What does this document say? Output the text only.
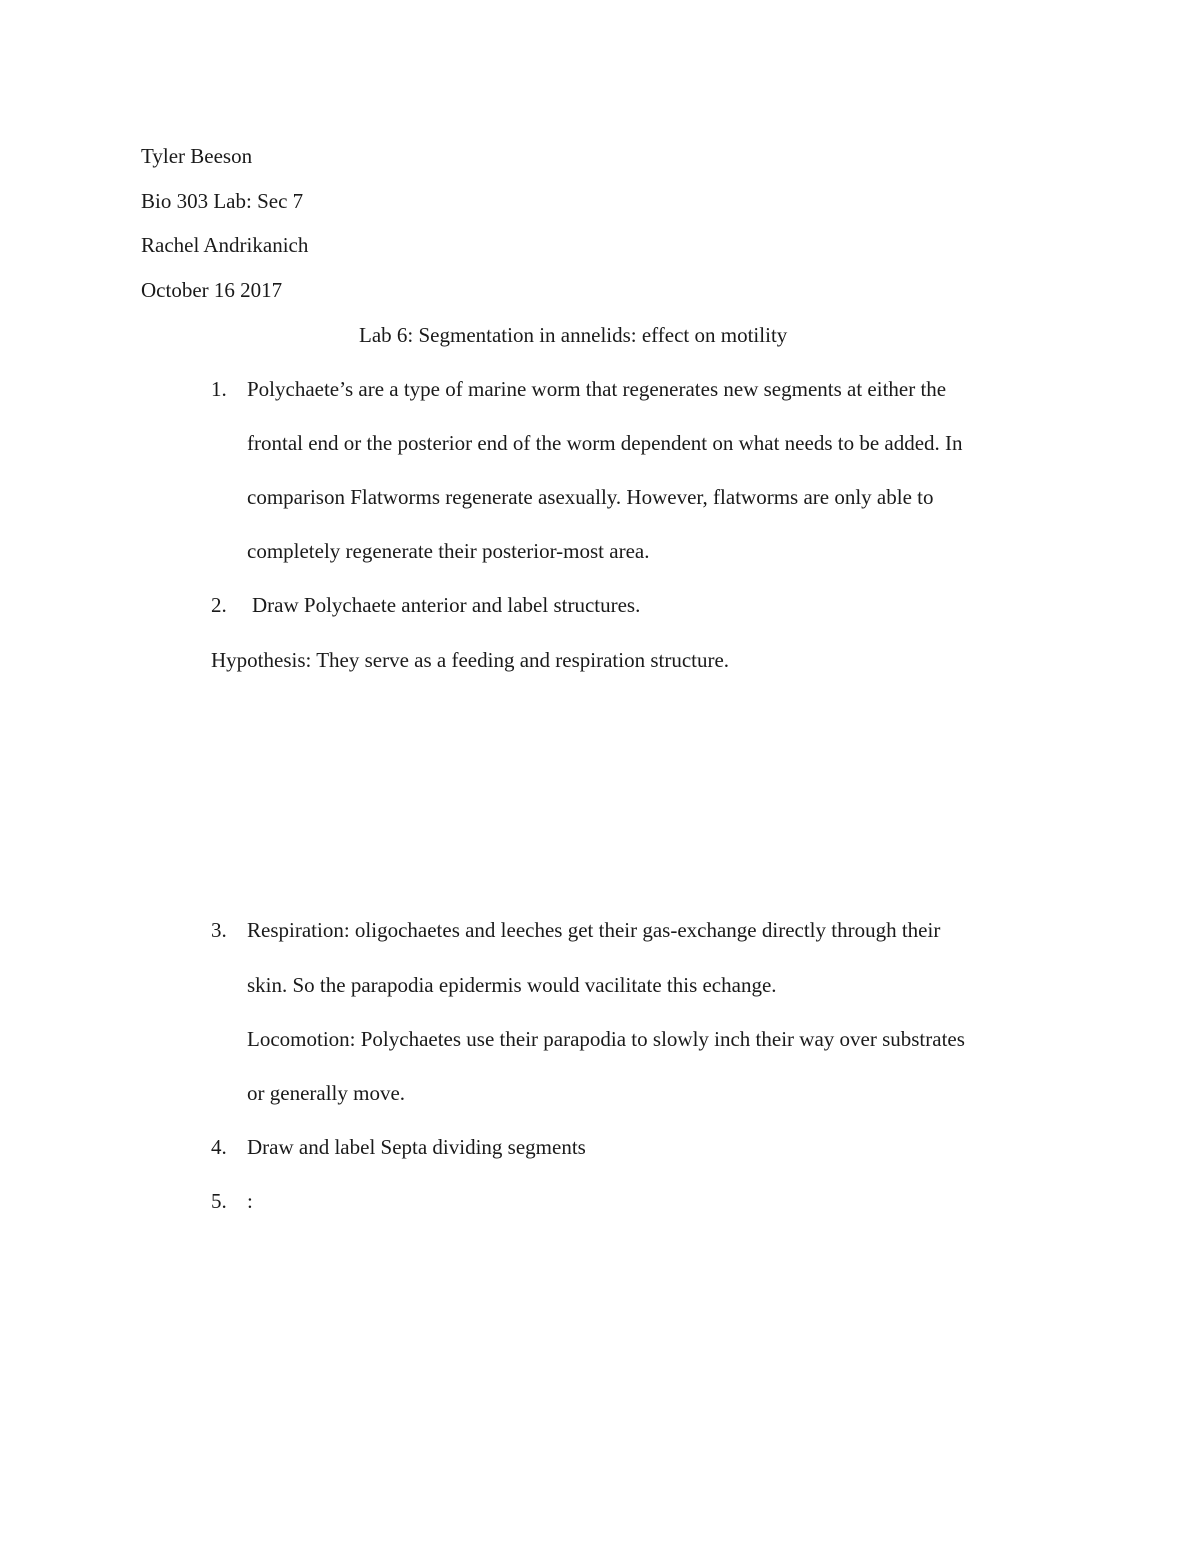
Tyler Beeson
Bio 303 Lab: Sec 7
Rachel Andrikanich
October 16 2017
Lab 6: Segmentation in annelids: effect on motility
1. Polychaete’s are a type of marine worm that regenerates new segments at either the
frontal end or the posterior end of the worm dependent on what needs to be added. In
comparison Flatworms regenerate asexually. However, flatworms are only able to
completely regenerate their posterior-most area.
2. Draw Polychaete anterior and label structures.
Hypothesis: They serve as a feeding and respiration structure.
3. Respiration: oligochaetes and leeches get their gas-exchange directly through their
skin. So the parapodia epidermis would vacilitate this echange.
Locomotion: Polychaetes use their parapodia to slowly inch their way over substrates
or generally move.
4. Draw and label Septa dividing segments
5. :
